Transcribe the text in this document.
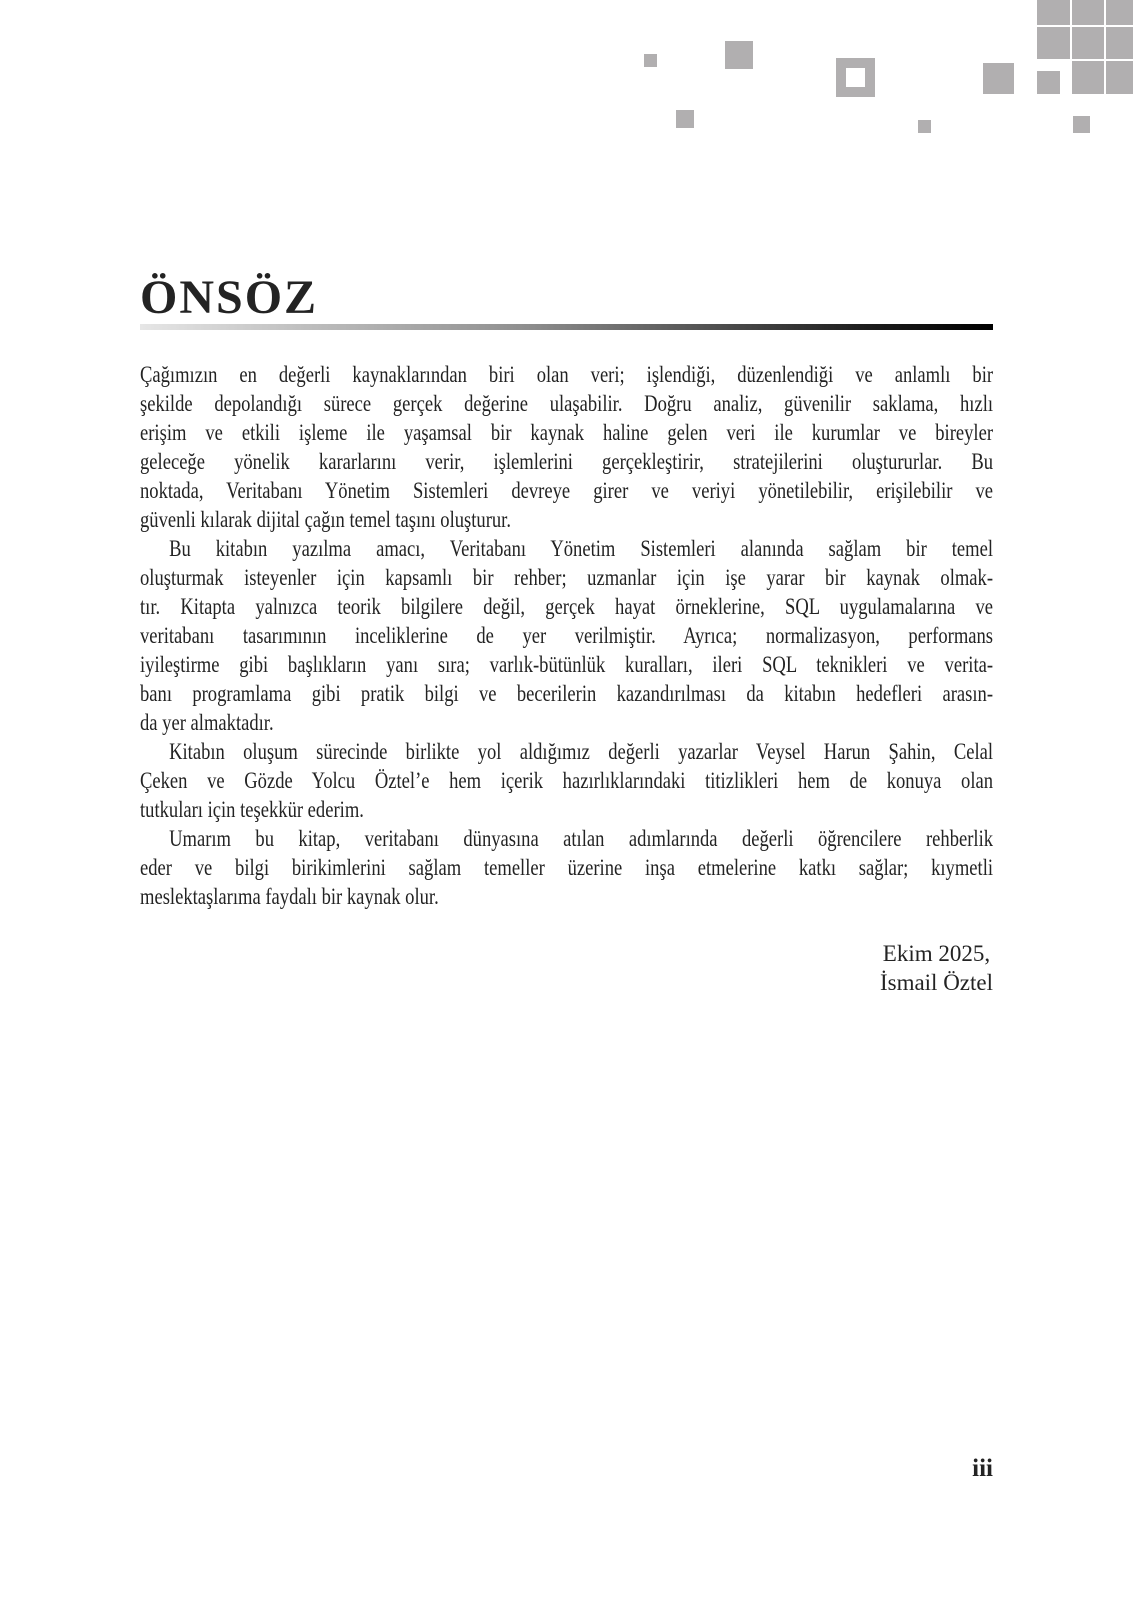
ÖNSÖZ
Çağımızın en değerli kaynaklarından biri olan veri; işlendiği, düzenlendiği ve anlamlı bir
şekilde depolandığı sürece gerçek değerine ulaşabilir. Doğru analiz, güvenilir saklama, hızlı
erişim ve etkili işleme ile yaşamsal bir kaynak haline gelen veri ile kurumlar ve bireyler
geleceğe yönelik kararlarını verir, işlemlerini gerçekleştirir, stratejilerini oluştururlar. Bu
noktada, Veritabanı Yönetim Sistemleri devreye girer ve veriyi yönetilebilir, erişilebilir ve
güvenli kılarak dijital çağın temel taşını oluşturur.
Bu kitabın yazılma amacı, Veritabanı Yönetim Sistemleri alanında sağlam bir temel
oluşturmak isteyenler için kapsamlı bir rehber; uzmanlar için işe yarar bir kaynak olmak-
tır. Kitapta yalnızca teorik bilgilere değil, gerçek hayat örneklerine, SQL uygulamalarına ve
veritabanı tasarımının inceliklerine de yer verilmiştir. Ayrıca; normalizasyon, performans
iyileştirme gibi başlıkların yanı sıra; varlık-bütünlük kuralları, ileri SQL teknikleri ve verita-
banı programlama gibi pratik bilgi ve becerilerin kazandırılması da kitabın hedefleri arasın-
da yer almaktadır.
Kitabın oluşum sürecinde birlikte yol aldığımız değerli yazarlar Veysel Harun Şahin, Celal
Çeken ve Gözde Yolcu Öztel’e hem içerik hazırlıklarındaki titizlikleri hem de konuya olan
tutkuları için teşekkür ederim.
Umarım bu kitap, veritabanı dünyasına atılan adımlarında değerli öğrencilere rehberlik
eder ve bilgi birikimlerini sağlam temeller üzerine inşa etmelerine katkı sağlar; kıymetli
meslektaşlarıma faydalı bir kaynak olur.
Ekim 2025,
İsmail Öztel
iii
